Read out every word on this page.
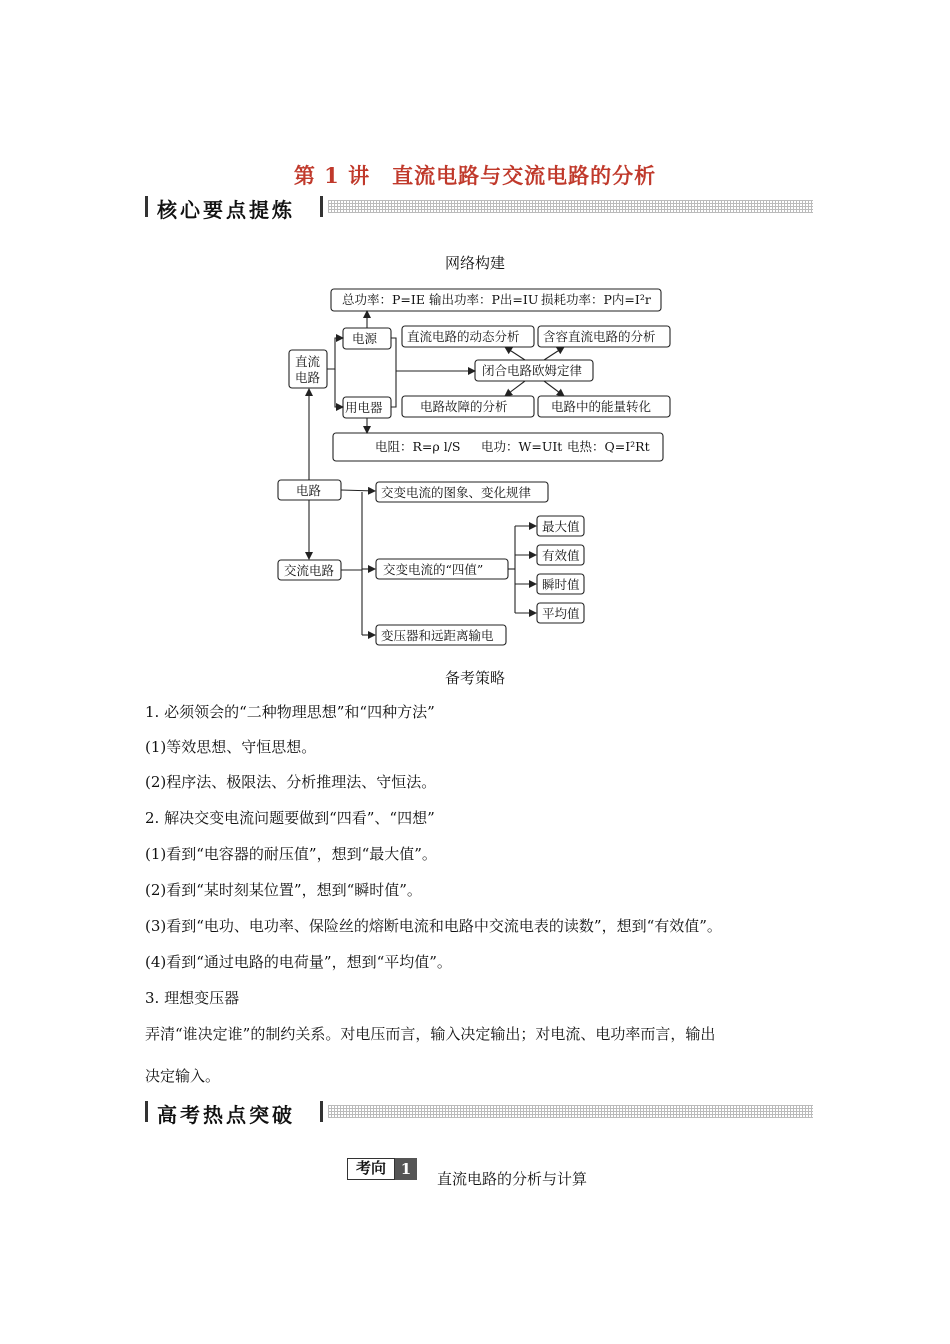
第 1 讲　直流电路与交流电路的分析
核心要点提炼
网络构建
总功率：P=IE 输出功率：P出=IU 损耗功率：P内=I²r
电源
用电器
直流
电路
直流电路的动态分析 含容直流电路的分析
闭合电路欧姆定律
电路故障的分析	电路中的能量转化
电阻：R=ρ l/S 电功：W=UIt 电热：Q=I²Rt
电路
交流电路
交变电流的图象、变化规律
交变电流的“四值”
最大值
有效值
瞬时值
平均值
变压器和远距离输电
备考策略
1. 必须领会的“二种物理思想”和“四种方法”
(1)等效思想、守恒思想。
(2)程序法、极限法、分析推理法、守恒法。
2. 解决交变电流问题要做到“四看”、“四想”
(1)看到“电容器的耐压值”，想到“最大值”。
(2)看到“某时刻某位置”，想到“瞬时值”。
(3)看到“电功、电功率、保险丝的熔断电流和电路中交流电表的读数”，想到“有效值”。
(4)看到“通过电路的电荷量”，想到“平均值”。
3. 理想变压器
弄清“谁决定谁”的制约关系。对电压而言，输入决定输出；对电流、电功率而言，输出
决定输入。
高考热点突破
考向 1
直流电路的分析与计算
